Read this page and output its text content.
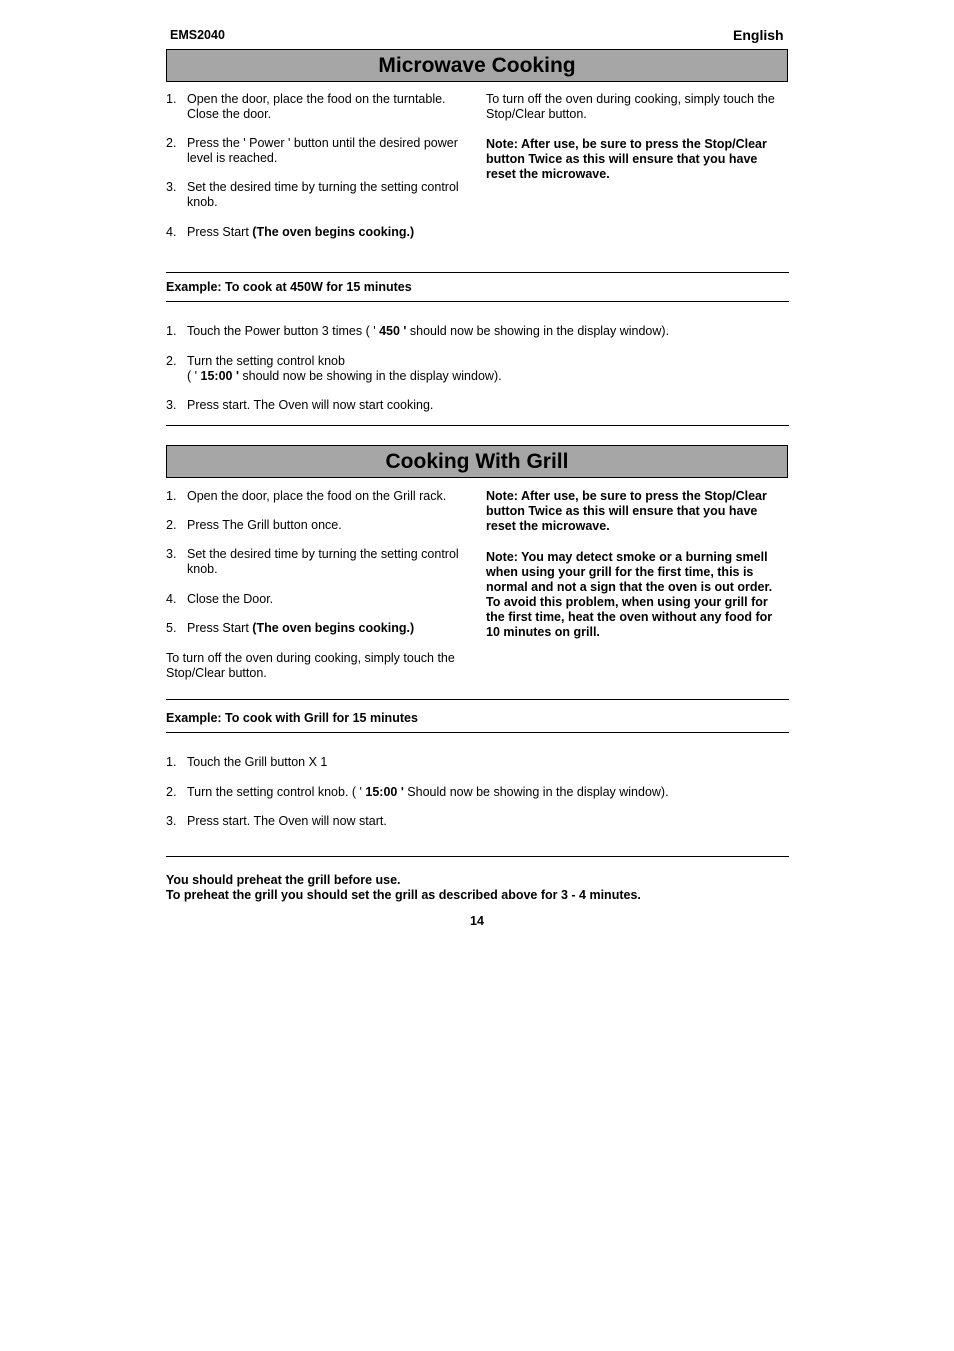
EMS2040	English
Microwave Cooking
1. Open the door, place the food on the turntable.
Close the door.
2. Press the ' Power ' button until the desired power
level is reached.
3. Set the desired time by turning the setting control
knob.
4. Press Start (The oven begins cooking.)
To turn off the oven during cooking, simply touch the
Stop/Clear button.
Note: After use, be sure to press the Stop/Clear
button Twice as this will ensure that you have
reset the microwave.
Example: To cook at 450W for 15 minutes
1. Touch the Power button 3 times ( ' 450 ' should now be showing in the display window).
2. Turn the setting control knob
( ' 15:00 ' should now be showing in the display window).
3. Press start. The Oven will now start cooking.
Cooking With Grill
1. Open the door, place the food on the Grill rack.
2. Press The Grill button once.
3. Set the desired time by turning the setting control
knob.
4. Close the Door.
5. Press Start (The oven begins cooking.)
To turn off the oven during cooking, simply touch the
Stop/Clear button.
Note: After use, be sure to press the Stop/Clear
button Twice as this will ensure that you have
reset the microwave.
Note: You may detect smoke or a burning smell
when using your grill for the first time, this is
normal and not a sign that the oven is out order.
To avoid this problem, when using your grill for
the first time, heat the oven without any food for
10 minutes on grill.
Example: To cook with Grill for 15 minutes
1. Touch the Grill button X 1
2. Turn the setting control knob. ( ' 15:00 ' Should now be showing in the display window).
3. Press start. The Oven will now start.
You should preheat the grill before use.
To preheat the grill you should set the grill as described above for 3 - 4 minutes.
14
